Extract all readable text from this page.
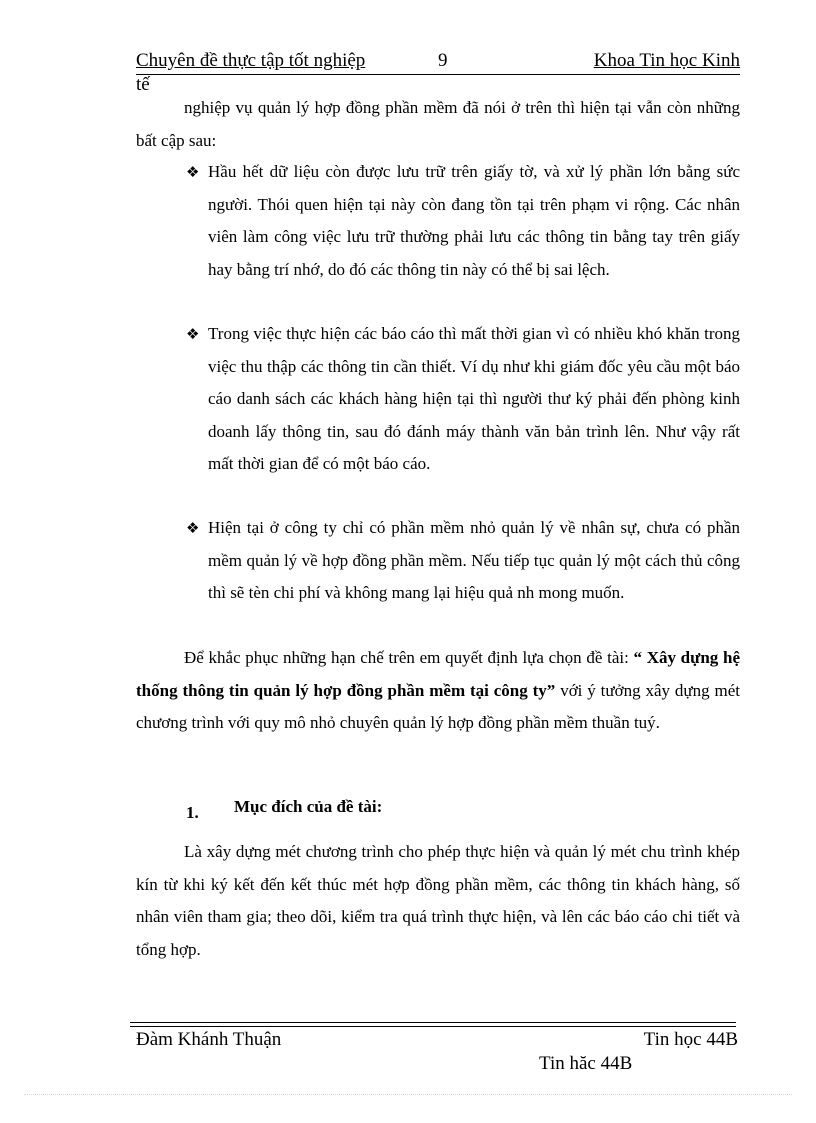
Chuyên đề thực tập tốt nghiệp	9	Khoa Tin học Kinh
tế
nghiệp vụ quản lý hợp đồng phần mềm đã nói ở trên thì hiện tại vẫn còn những bất cập sau:
❖ Hầu hết dữ liệu còn được lưu trữ trên giấy tờ, và xử lý phần lớn bằng sức người. Thói quen hiện tại này còn đang tồn tại trên phạm vi rộng. Các nhân viên làm công việc lưu trữ thường phải lưu các thông tin bằng tay trên giấy hay bằng trí nhớ, do đó các thông tin này có thể bị sai lệch.
❖ Trong việc thực hiện các báo cáo thì mất thời gian vì có nhiều khó khăn trong việc thu thập các thông tin cần thiết. Ví dụ như khi giám đốc yêu cầu một báo cáo danh sách các khách hàng hiện tại thì người thư ký phải đến phòng kinh doanh lấy thông tin, sau đó đánh máy thành văn bản trình lên. Như vậy rất mất thời gian để có một báo cáo.
❖ Hiện tại ở công ty chỉ có phần mềm nhỏ quản lý về nhân sự, chưa có phần mềm quản lý về hợp đồng phần mềm. Nếu tiếp tục quản lý một cách thủ công thì sẽ tèn chi phí và không mang lại hiệu quả nh mong muốn.
Để khắc phục những hạn chế trên em quyết định lựa chọn đề tài: “ Xây dựng hệ thống thông tin quản lý hợp đồng phần mềm tại công ty” với ý tưởng xây dựng mét chương trình với quy mô nhỏ chuyên quản lý hợp đồng phần mềm thuần tuý.
1. Mục đích của đề tài:
Là xây dựng mét chương trình cho phép thực hiện và quản lý mét chu trình khép kín từ khi ký kết đến kết thúc mét hợp đồng phần mềm, các thông tin khách hàng, số nhân viên tham gia; theo dõi, kiểm tra quá trình thực hiện, và lên các báo cáo chi tiết và tổng hợp.
Đàm Khánh Thuận	Tin học 44B
Tin hăc 44B
